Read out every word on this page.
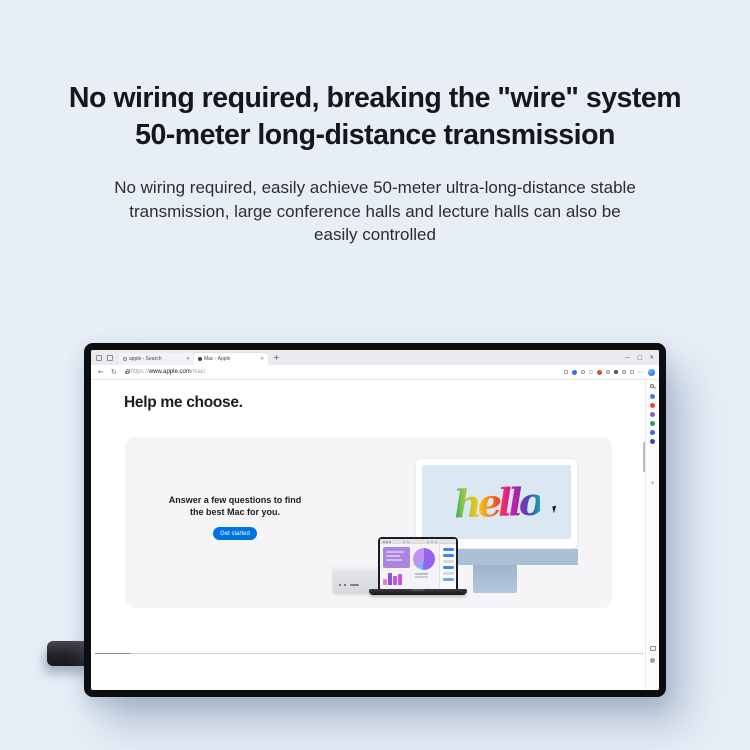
No wiring required, breaking the "wire" system
50-meter long-distance transmission
No wiring required, easily achieve 50-meter ultra-long-distance stable
transmission, large conference halls and lecture halls can also be
easily controlled
apple - Search	✕	Mac - Apple	✕ +	— □ ✕
← ↻ https://www.apple.com/mac/	⋯
Help me choose.
Answer a few questions to find
the best Mac for you.
Get started
hello	+
